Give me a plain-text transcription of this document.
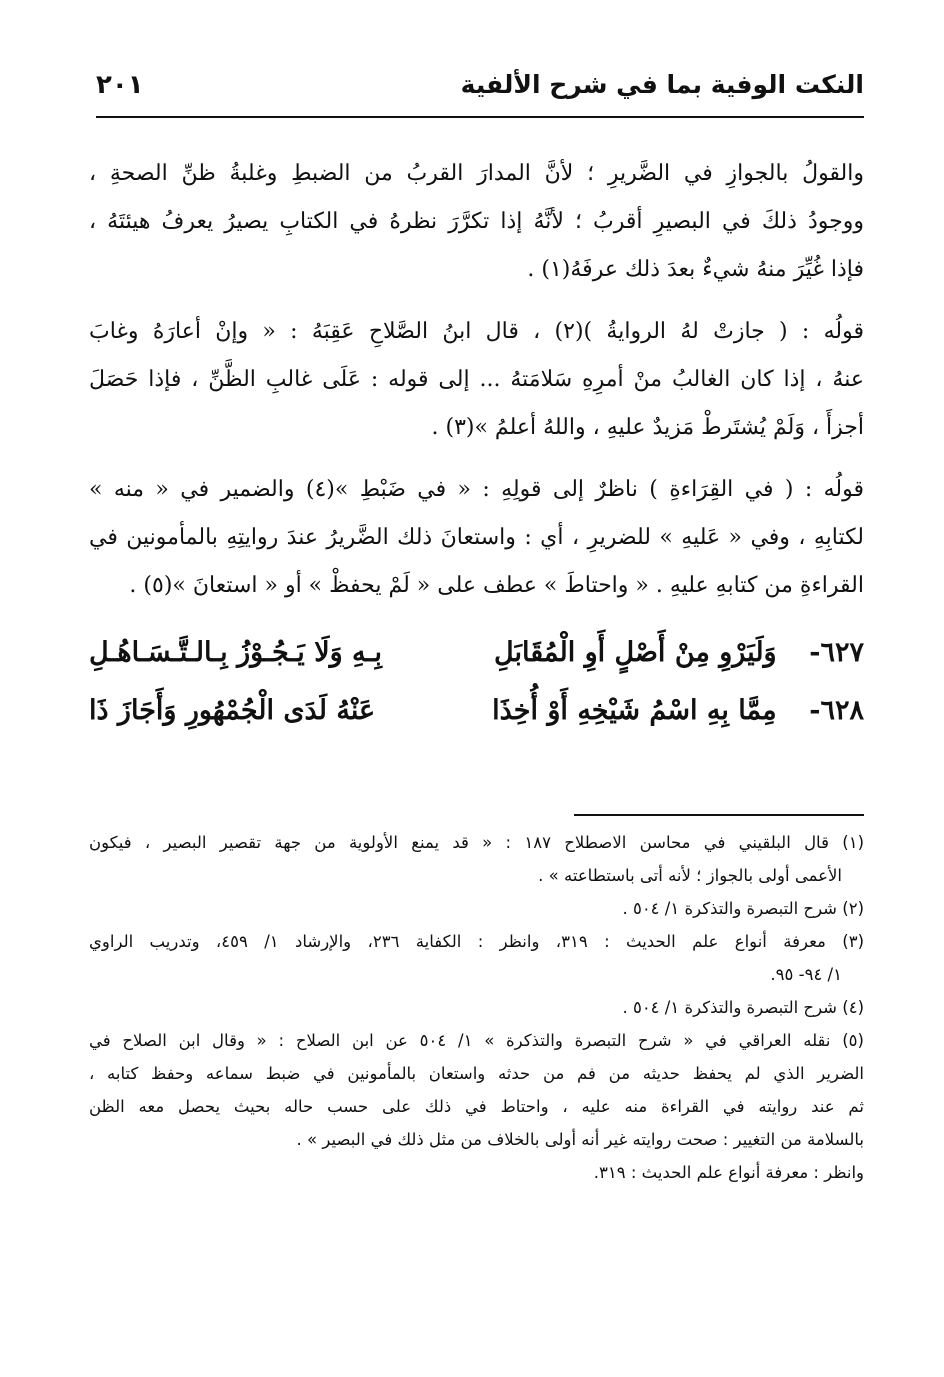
النكت الوفية بما في شرح الألفية
٢٠١
والقولُ بالجوازِ في الضَّريرِ ؛ لأنَّ المدارَ القربُ من الضبطِ وغلبةُ ظنِّ الصحةِ ،
ووجودُ ذلكَ في البصيرِ أقربُ ؛ لأنَّهُ إذا تكرَّرَ نظرهُ في الكتابِ يصيرُ يعرفُ هيئتَهُ ،
فإذا غُيِّرَ منهُ شيءٌ بعدَ ذلك عرفَهُ(١) .
قولُه : ( جازتْ لهُ الروايةُ )(٢) ، قال ابنُ الصَّلاحِ عَقِبَهُ : « وإنْ أعارَهُ وغابَ
عنهُ ، إذا كان الغالبُ منْ أمرِهِ سَلامَتهُ ... إلى قوله : عَلَى غالبِ الظَّنِّ ، فإذا حَصَلَ
أجزأَ ، وَلَمْ يُشتَرطْ مَزيدٌ عليهِ ، واللهُ أعلمُ »(٣) .
قولُه : ( في القِرَاءةِ ) ناظرٌ إلى قولِهِ : « في ضَبْطِ »(٤) والضمير في « منه »
لكتابِهِ ، وفي « عَليهِ » للضريرِ ، أي : واستعانَ ذلك الضَّريرُ عندَ روايتِهِ بالمأمونين في
القراءةِ من كتابهِ عليهِ . « واحتاطَ » عطف على « لَمْ يحفظْ » أو « استعانَ »(٥) .
٦٢٧- وَلَيَرْوِ مِنْ أَصْلٍ أَوِ الْمُقَابَلِ
بِـهِ وَلَا يَـجُـوْزُ بِـالـتَّـسَـاهُـلِ
٦٢٨- مِمَّا بِهِ اسْمُ شَيْخِهِ أَوْ أُخِذَا
عَنْهُ لَدَى الْجُمْهُورِ وَأَجَازَ ذَا
(١) قال البلقيني في محاسن الاصطلاح ١٨٧ : « قد يمنع الأولوية من جهة تقصير البصير ، فيكون
الأعمى أولى بالجواز ؛ لأنه أتى باستطاعته » .
(٢) شرح التبصرة والتذكرة ١/ ٥٠٤ .
(٣) معرفة أنواع علم الحديث : ٣١٩، وانظر : الكفاية ٢٣٦، والإرشاد ١/ ٤٥٩، وتدريب الراوي
١/ ٩٤- ٩٥.
(٤) شرح التبصرة والتذكرة ١/ ٥٠٤ .
(٥) نقله العراقي في « شرح التبصرة والتذكرة » ١/ ٥٠٤ عن ابن الصلاح : « وقال ابن الصلاح في
الضرير الذي لم يحفظ حديثه من فم من حدثه واستعان بالمأمونين في ضبط سماعه وحفظ كتابه ،
ثم عند روايته في القراءة منه عليه ، واحتاط في ذلك على حسب حاله بحيث يحصل معه الظن
بالسلامة من التغيير : صحت روايته غير أنه أولى بالخلاف من مثل ذلك في البصير » .
وانظر : معرفة أنواع علم الحديث : ٣١٩.
